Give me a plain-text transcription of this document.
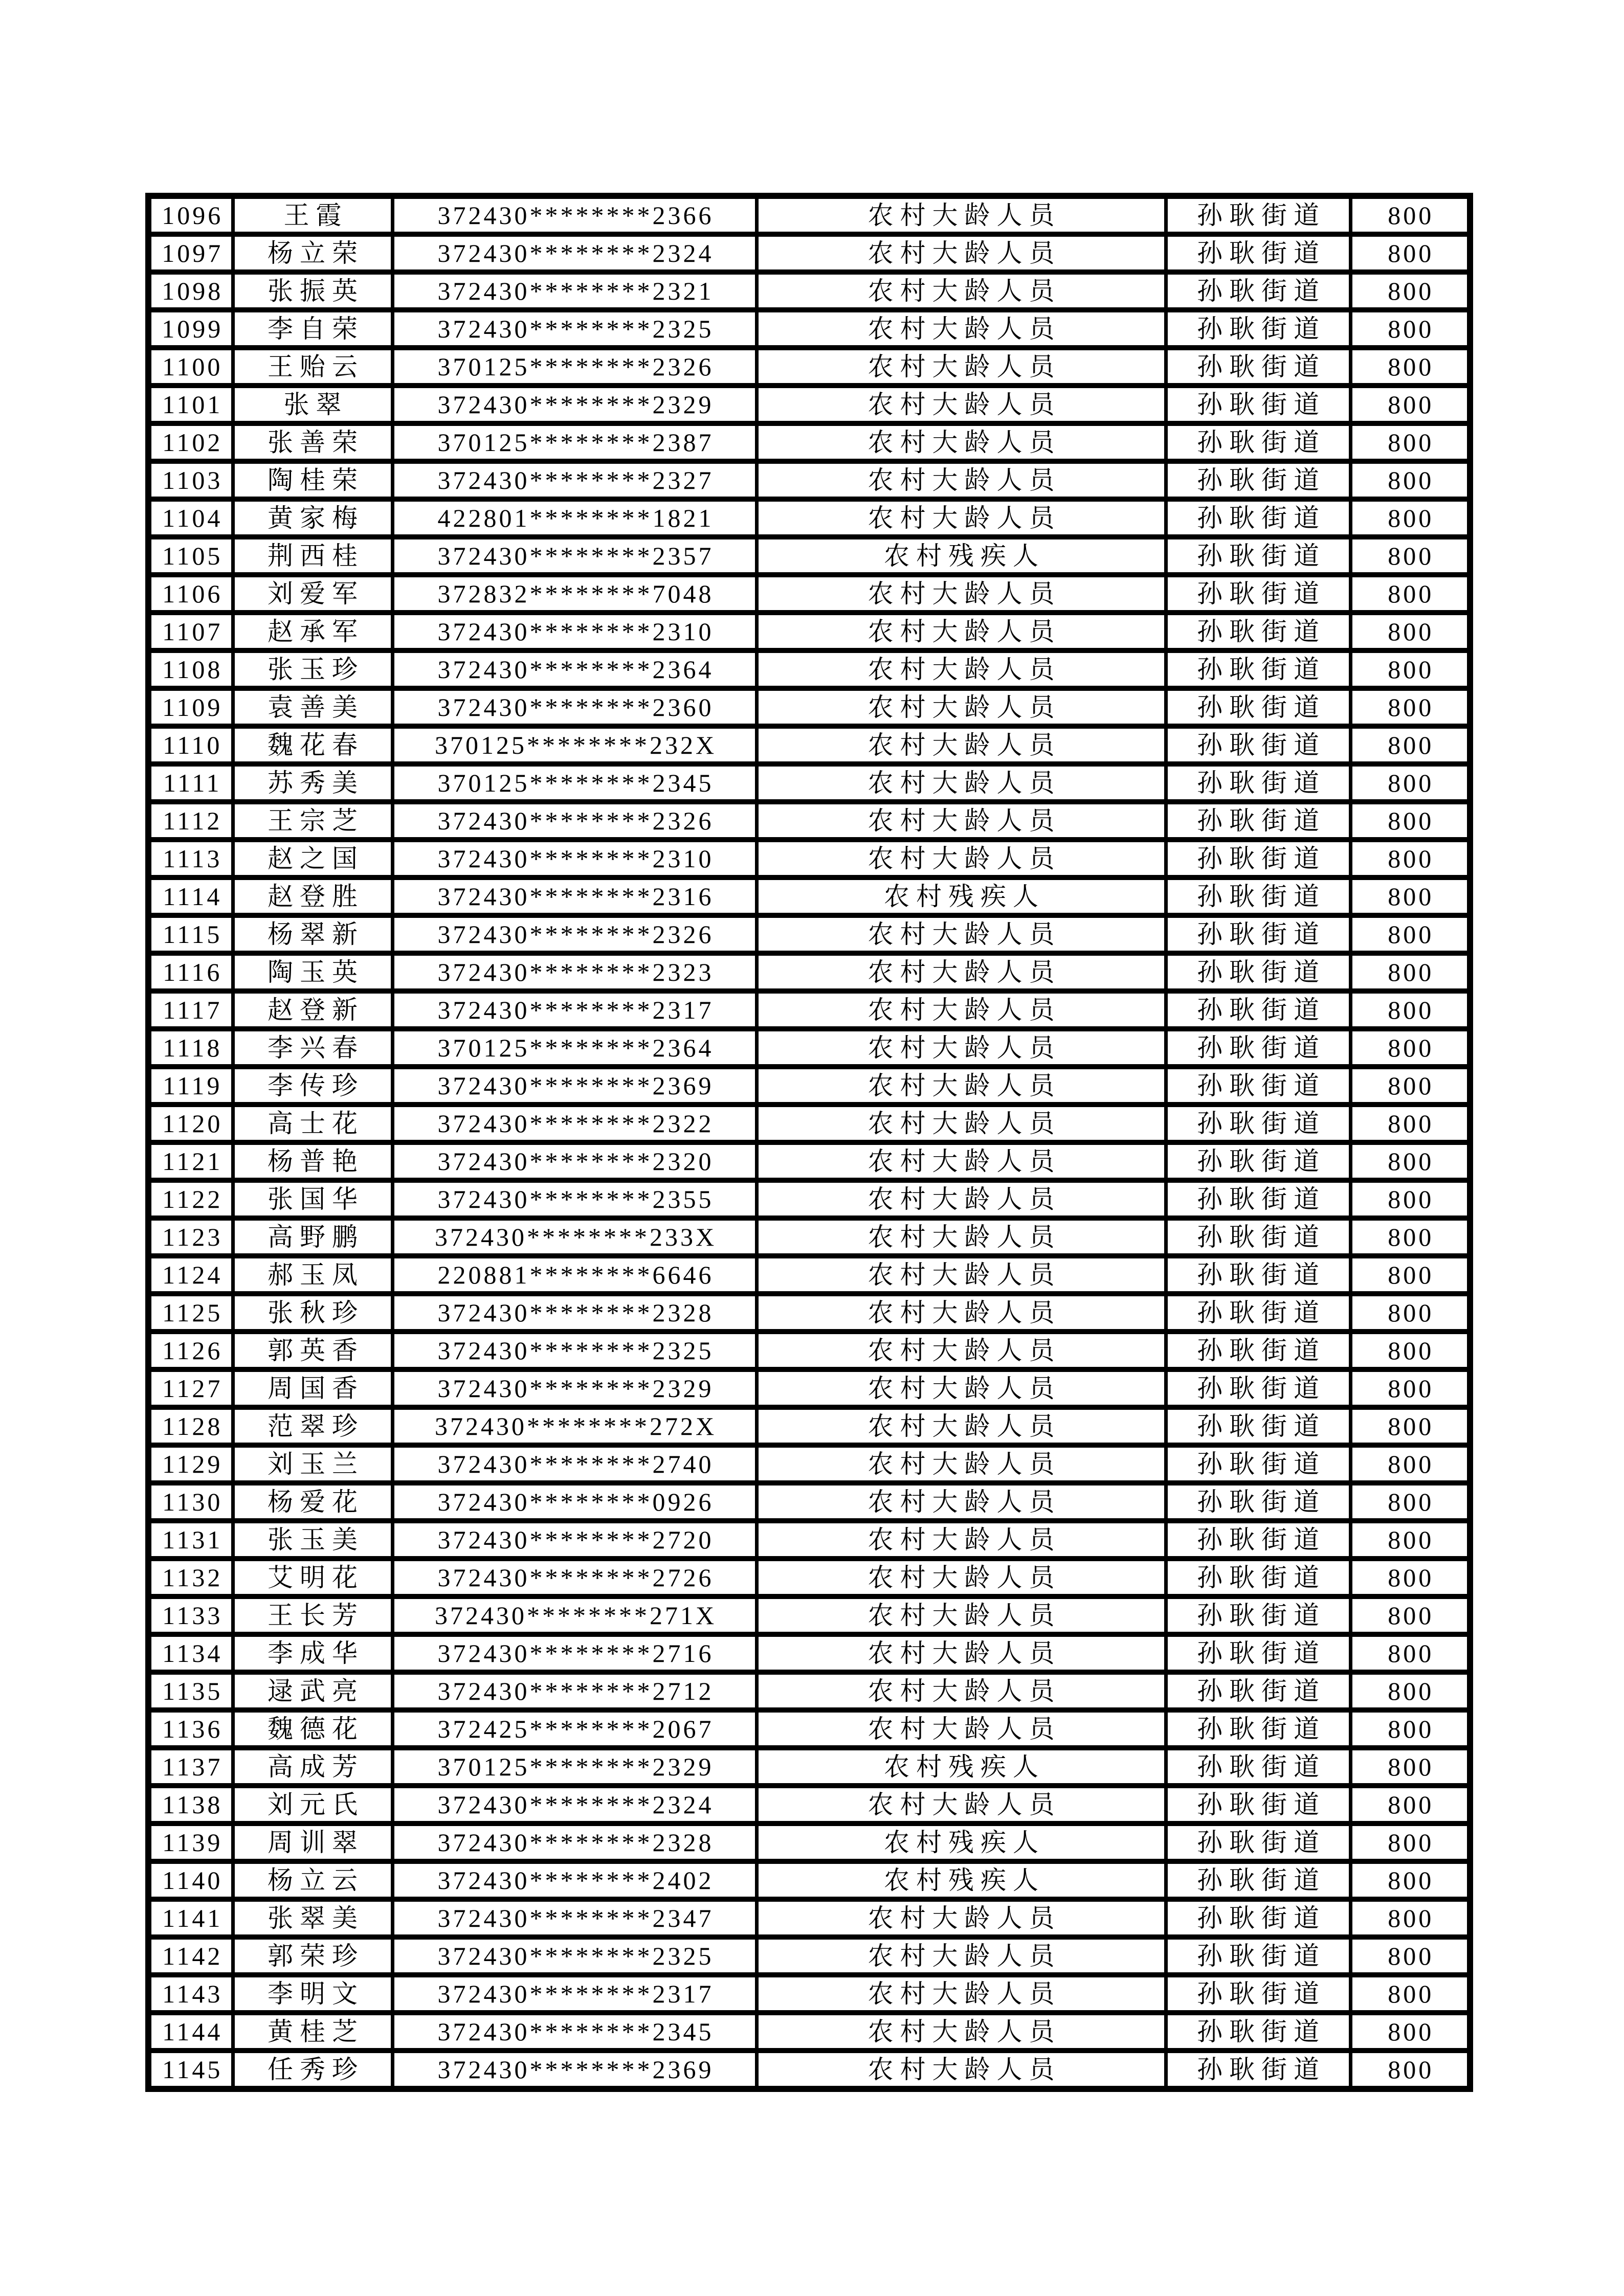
1096	王霞	372430********2366	农村大龄人员	孙耿街道	800
1097	杨立荣	372430********2324	农村大龄人员	孙耿街道	800
1098	张振英	372430********2321	农村大龄人员	孙耿街道	800
1099	李自荣	372430********2325	农村大龄人员	孙耿街道	800
1100	王贻云	370125********2326	农村大龄人员	孙耿街道	800
1101	张翠	372430********2329	农村大龄人员	孙耿街道	800
1102	张善荣	370125********2387	农村大龄人员	孙耿街道	800
1103	陶桂荣	372430********2327	农村大龄人员	孙耿街道	800
1104	黄家梅	422801********1821	农村大龄人员	孙耿街道	800
1105	荆西桂	372430********2357	农村残疾人	孙耿街道	800
1106	刘爱军	372832********7048	农村大龄人员	孙耿街道	800
1107	赵承军	372430********2310	农村大龄人员	孙耿街道	800
1108	张玉珍	372430********2364	农村大龄人员	孙耿街道	800
1109	袁善美	372430********2360	农村大龄人员	孙耿街道	800
1110	魏花春	370125********232X	农村大龄人员	孙耿街道	800
1111	苏秀美	370125********2345	农村大龄人员	孙耿街道	800
1112	王宗芝	372430********2326	农村大龄人员	孙耿街道	800
1113	赵之国	372430********2310	农村大龄人员	孙耿街道	800
1114	赵登胜	372430********2316	农村残疾人	孙耿街道	800
1115	杨翠新	372430********2326	农村大龄人员	孙耿街道	800
1116	陶玉英	372430********2323	农村大龄人员	孙耿街道	800
1117	赵登新	372430********2317	农村大龄人员	孙耿街道	800
1118	李兴春	370125********2364	农村大龄人员	孙耿街道	800
1119	李传珍	372430********2369	农村大龄人员	孙耿街道	800
1120	高士花	372430********2322	农村大龄人员	孙耿街道	800
1121	杨普艳	372430********2320	农村大龄人员	孙耿街道	800
1122	张国华	372430********2355	农村大龄人员	孙耿街道	800
1123	高野鹏	372430********233X	农村大龄人员	孙耿街道	800
1124	郝玉凤	220881********6646	农村大龄人员	孙耿街道	800
1125	张秋珍	372430********2328	农村大龄人员	孙耿街道	800
1126	郭英香	372430********2325	农村大龄人员	孙耿街道	800
1127	周国香	372430********2329	农村大龄人员	孙耿街道	800
1128	范翠珍	372430********272X	农村大龄人员	孙耿街道	800
1129	刘玉兰	372430********2740	农村大龄人员	孙耿街道	800
1130	杨爱花	372430********0926	农村大龄人员	孙耿街道	800
1131	张玉美	372430********2720	农村大龄人员	孙耿街道	800
1132	艾明花	372430********2726	农村大龄人员	孙耿街道	800
1133	王长芳	372430********271X	农村大龄人员	孙耿街道	800
1134	李成华	372430********2716	农村大龄人员	孙耿街道	800
1135	逯武亮	372430********2712	农村大龄人员	孙耿街道	800
1136	魏德花	372425********2067	农村大龄人员	孙耿街道	800
1137	高成芳	370125********2329	农村残疾人	孙耿街道	800
1138	刘元氏	372430********2324	农村大龄人员	孙耿街道	800
1139	周训翠	372430********2328	农村残疾人	孙耿街道	800
1140	杨立云	372430********2402	农村残疾人	孙耿街道	800
1141	张翠美	372430********2347	农村大龄人员	孙耿街道	800
1142	郭荣珍	372430********2325	农村大龄人员	孙耿街道	800
1143	李明文	372430********2317	农村大龄人员	孙耿街道	800
1144	黄桂芝	372430********2345	农村大龄人员	孙耿街道	800
1145	任秀珍	372430********2369	农村大龄人员	孙耿街道	800
